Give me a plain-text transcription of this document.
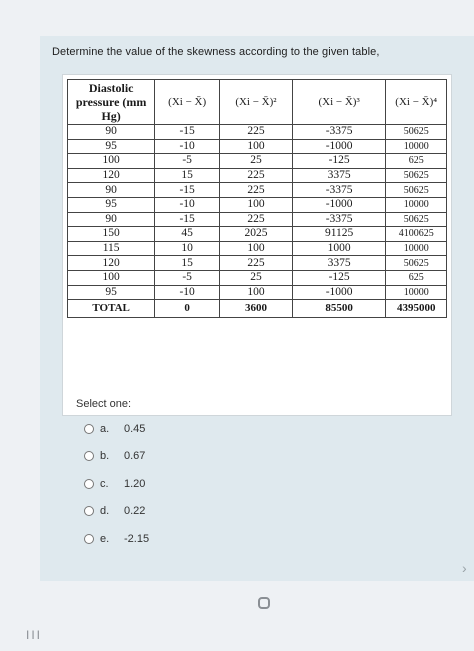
Determine the value of the skewness according to the given table,
Diastolic pressure (mm Hg)	(Xi − X̄)	(Xi − X̄)²	(Xi − X̄)³	(Xi − X̄)⁴
90	-15	225	-3375	50625
95	-10	100	-1000	10000
100	-5	25	-125	625
120	15	225	3375	50625
90	-15	225	-3375	50625
95	-10	100	-1000	10000
90	-15	225	-3375	50625
150	45	2025	91125	4100625
115	10	100	1000	10000
120	15	225	3375	50625
100	-5	25	-125	625
95	-10	100	-1000	10000
TOTAL	0	3600	85500	4395000
Select one:
a.	0.45
b.	0.67
c.	1.20
d.	0.22
e.	-2.15
›
III
